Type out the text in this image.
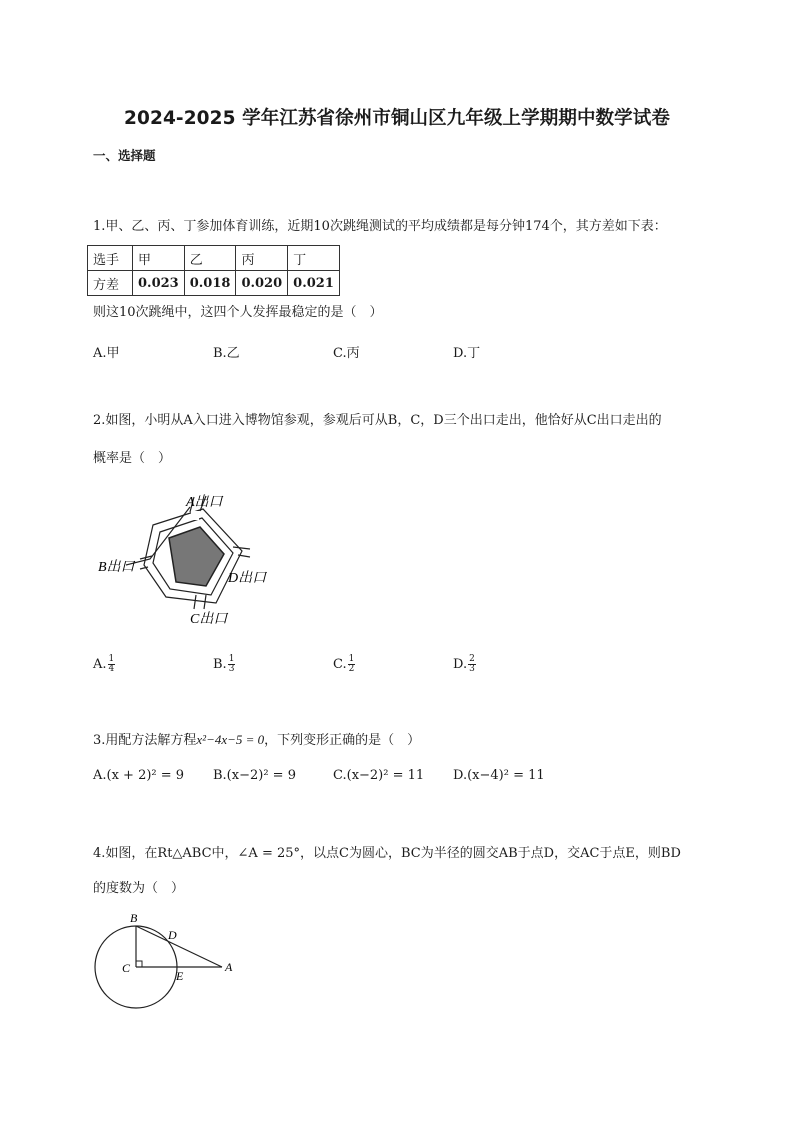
2024-2025 学年江苏省徐州市铜山区九年级上学期期中数学试卷
一、选择题
1.甲、乙、丙、丁参加体育训练，近期10次跳绳测试的平均成绩都是每分钟174个，其方差如下表：
选手	甲	乙	丙	丁
方差	0.023	0.018	0.020	0.021
则这10次跳绳中，这四个人发挥最稳定的是（　）
A.甲	B.乙	C.丙	D.丁
2.如图，小明从A入口进入博物馆参观，参观后可从B，C，D三个出口走出，他恰好从C出口走出的
概率是（　）
A出口
B出口
D出口
C出口
A. $\frac{1}{4}$	B. $\frac{1}{3}$	C. $\frac{1}{2}$	D. $\frac{2}{3}$
3.用配方法解方程x²−4x−5 = 0，下列变形正确的是（　）
A.(x + 2)² = 9 B.(x−2)² = 9	C.(x−2)² = 11 D.(x−4)² = 11
4.如图，在Rt△ABC中，∠A = 25°，以点C为圆心，BC为半径的圆交AB于点D，交AC于点E，则BD
的度数为（　）
B
D
C
E
A
